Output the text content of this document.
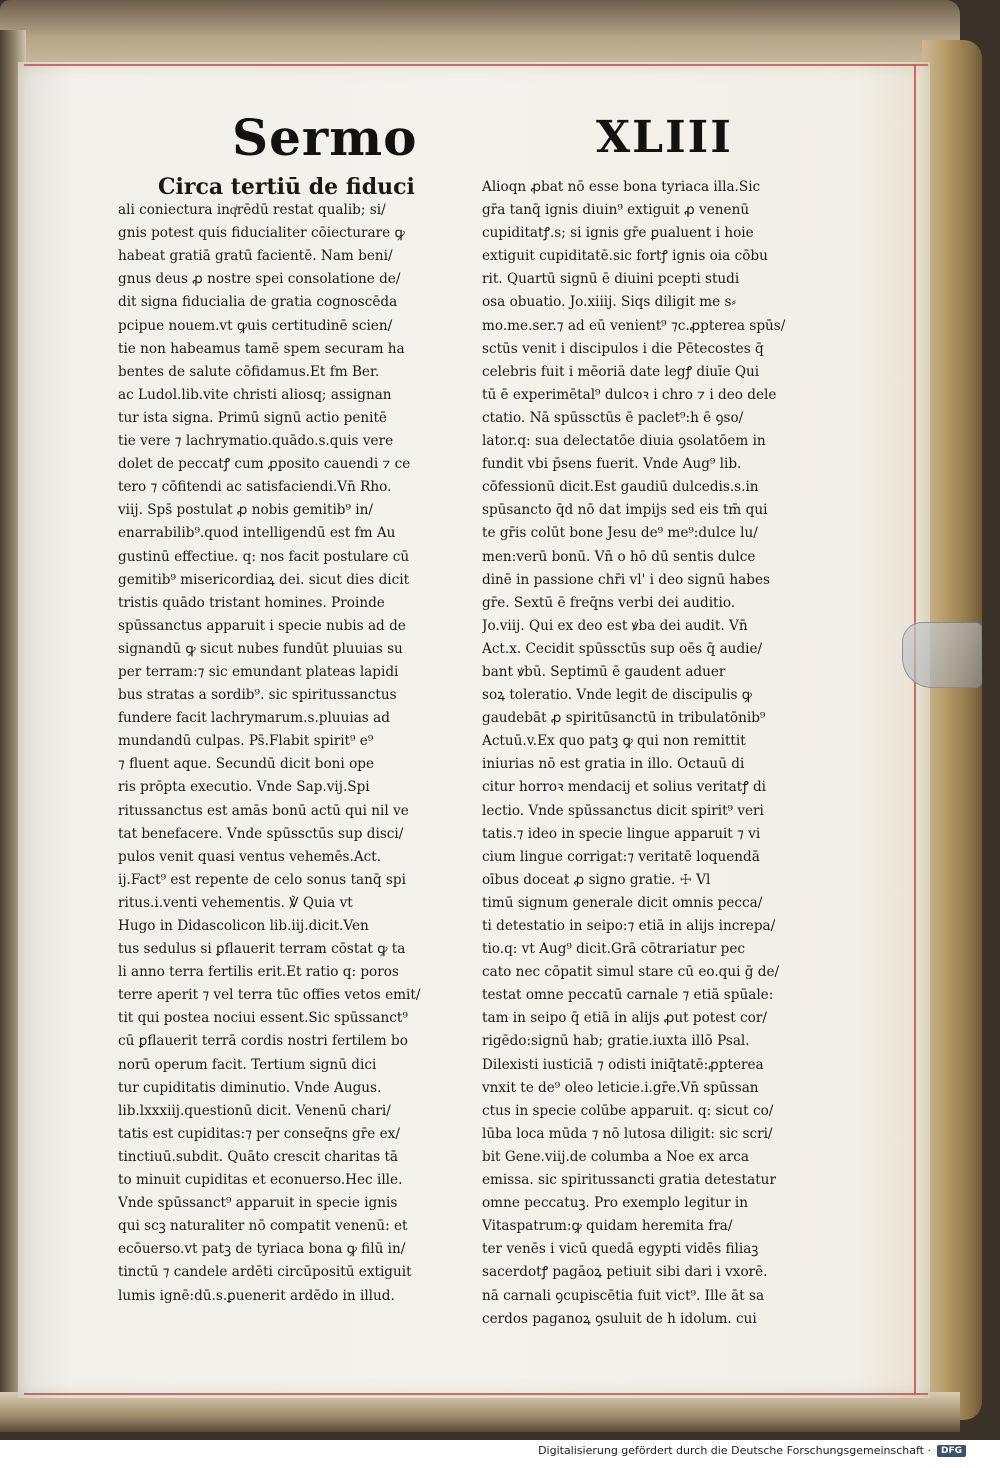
Sermo	XLIII
Circa tertiū de fiduci
ali coniectura inqͥrēdū restat qualib; si/
gnis potest quis fiducialiter cōiecturare ꝙ
habeat gratiā gratū facientē. Nam beni/
gnus deus ꝓ nostre spei consolatione de/
dit signa fiducialia de gratia cognoscēda
pcipue nouem.vt ꝙuis certitudinē scien/
tie non habeamus tamē spem securam ha
bentes de salute cōfidamus.Et fm Ber.
ac Ludol.lib.vite christi aliosq; assignan
tur ista signa. Primū signū actio penitē
tie vere ⁊ lachrymatio.quādo.s.quis vere
dolet de peccatꝭ cum ꝓposito cauendi ⁊ ce
tero ⁊ cōfitendi ac satisfaciendi.Vn̄ Rho.
viij. Sps̄ postulat ꝓ nobis gemitib⁹ in/
enarrabilib⁹.quod intelligendū est fm Au
gustinū effectiue. q: nos facit postulare cū
gemitib⁹ misericordiaꝝ dei. sicut dies dicit
tristis quādo tristant homines. Proinde
spūssanctus apparuit i specie nubis ad de
signandū ꝙ sicut nubes fundūt pluuias su
per terram:⁊ sic emundant plateas lapidi
bus stratas a sordib⁹. sic spiritussanctus
fundere facit lachrymarum.s.pluuias ad
mundandū culpas. Ps̄.Flabit spirit⁹ e⁹
⁊ fluent aque. Secundū dicit boni ope
ris prōpta executio. Vnde Sap.vij.Spi
ritussanctus est amās bonū actū qui nil ve
tat benefacere. Vnde spūssctūs sup disci/
pulos venit quasi ventus vehemēs.Act.
ij.Fact⁹ est repente de celo sonus tanq̄ spi
ritus.i.venti vehementis. ℣ Quia vt
Hugo in Didascolicon lib.iij.dicit.Ven
tus sedulus si ꝑflauerit terram cōstat ꝙ ta
li anno terra fertilis erit.Et ratio q: poros
terre aperit ⁊ vel terra tūc offies vetos emit/
tit qui postea nociui essent.Sic spūssanct⁹
cū ꝑflauerit terrā cordis nostri fertilem bo
norū operum facit. Tertium signū dici
tur cupiditatis diminutio. Vnde Augus.
lib.lxxxiij.questionū dicit. Venenū chari/
tatis est cupiditas:⁊ per conseq̄ns gr̄e ex/
tinctiuū.subdit. Quāto crescit charitas tā
to minuit cupiditas et econuerso.Hec ille.
Vnde spūssanct⁹ apparuit in specie ignis
qui scꝫ naturaliter nō compatit venenū: et
ecōuerso.vt patꝫ de tyriaca bona ꝙ filū in/
tinctū ⁊ candele ardēti circūpositū extiguit
lumis ignē:dū.s.ꝑuenerit ardēdo in illud.
Alioqn ꝓbat nō esse bona tyriaca illa.Sic
gr̄a tanq̄ ignis diuin⁹ extiguit ꝓ venenū
cupiditatꝭ.s; si ignis gr̄e ꝑualuent i hoie
extiguit cupiditatē.sic fortꝭ ignis oia cōbu
rit. Quartū signū ē diuini pcepti studi
osa obuatio. Jo.xiiij. Siqs diligit me s⸗
mo.me.ser.⁊ ad eū venient⁹ ⁊c.ꝓpterea spūs/
sctūs venit i discipulos i die Pētecostes q̄
celebris fuit i mēoriā date legꝭ diuīe Qui
tū ē experimētal⁹ dulcoꝛ i chro ⁊ i deo dele
ctatio. Nā spūssctūs ē paclet⁹:h ē ꝯso/
lator.q: sua delectatōe diuia ꝯsolatōem in
fundit vbi p̄sens fuerit. Vnde Aug⁹ lib.
cōfessionū dicit.Est gaudiū dulcedis.s.in
spūsancto q̄d nō dat impijs sed eis tm̄ qui
te gr̄is colūt bone Jesu de⁹ me⁹:dulce lu/
men:verū bonū. Vn̄ o hō dū sentis dulce
dinē in passione chr̄i vl' i deo signū habes
gr̄e. Sextū ē freq̄ns verbi dei auditio.
Jo.viij. Qui ex deo est ꝟba dei audit. Vn̄
Act.x. Cecidit spūssctūs sup oēs q̄ audie/
bant ꝟbū. Septimū ē gaudent aduer
soꝝ toleratio. Vnde legit de discipulis ꝙ
gaudebāt ꝓ spiritūsanctū in tribulatōnib⁹
Actuū.v.Ex quo patꝫ ꝙ qui non remittit
iniurias nō est gratia in illo. Octauū di
citur horroꝛ mendacij et solius veritatꝭ di
lectio. Vnde spūssanctus dicit spirit⁹ veri
tatis.⁊ ideo in specie lingue apparuit ⁊ vi
cium lingue corrigat:⁊ veritatē loquendā
oībus doceat ꝓ signo gratie. ☩ Vl
timū signum generale dicit omnis pecca/
ti detestatio in seipo:⁊ etiā in alijs increpa/
tio.q: vt Aug⁹ dicit.Grā cōtrariatur pec
cato nec cōpatit simul stare cū eo.qui ḡ de/
testat omne peccatū carnale ⁊ etiā spūale:
tam in seipo q̄ etiā in alijs ꝓut potest cor/
rigēdo:signū hab; gratie.iuxta illō Psal.
Dilexisti iusticiā ⁊ odisti iniq̄tatē:ꝓpterea
vnxit te de⁹ oleo leticie.i.gr̄e.Vn̄ spūssan
ctus in specie colūbe apparuit. q: sicut co/
lūba loca mūda ⁊ nō lutosa diligit: sic scri/
bit Gene.viij.de columba a Noe ex arca
emissa. sic spiritussancti gratia detestatur
omne peccatuꝫ. Pro exemplo legitur in
Vitaspatrum:ꝙ quidam heremita fra/
ter venēs i vicū quedā egypti vidēs filiaꝫ
sacerdotꝭ pagāoꝝ petiuit sibi dari i vxorē.
nā carnali ꝯcupiscētia fuit vict⁹. Ille āt sa
cerdos paganoꝝ ꝯsuluit de h idolum. cui
Digitalisierung gefördert durch die Deutsche Forschungsgemeinschaft ·	DFG
